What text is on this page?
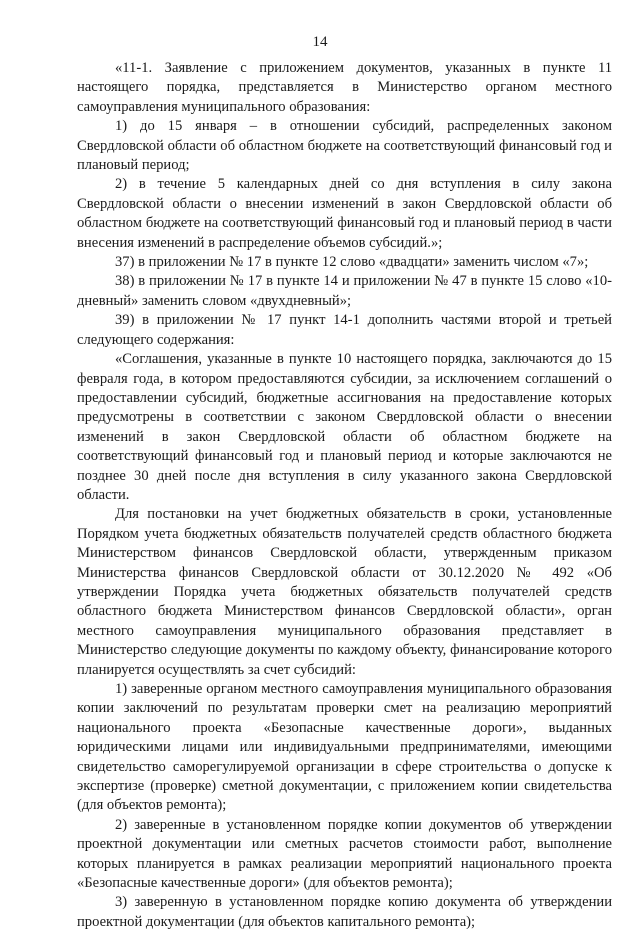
14

«11-1. Заявление с приложением документов, указанных в пункте 11 настоящего порядка, представляется в Министерство органом местного самоуправления муниципального образования:

1) до 15 января – в отношении субсидий, распределенных законом Свердловской области об областном бюджете на соответствующий финансовый год и плановый период;

2) в течение 5 календарных дней со дня вступления в силу закона Свердловской области о внесении изменений в закон Свердловской области об областном бюджете на соответствующий финансовый год и плановый период в части внесения изменений в распределение объемов субсидий.»;

37) в приложении № 17 в пункте 12 слово «двадцати» заменить числом «7»;

38) в приложении № 17 в пункте 14 и приложении № 47 в пункте 15 слово «10-дневный» заменить словом «двухдневный»;

39) в приложении № 17 пункт 14-1 дополнить частями второй и третьей следующего содержания:

«Соглашения, указанные в пункте 10 настоящего порядка, заключаются до 15 февраля года, в котором предоставляются субсидии, за исключением соглашений о предоставлении субсидий, бюджетные ассигнования на предоставление которых предусмотрены в соответствии с законом Свердловской области о внесении изменений в закон Свердловской области об областном бюджете на соответствующий финансовый год и плановый период и которые заключаются не позднее 30 дней после дня вступления в силу указанного закона Свердловской области.

Для постановки на учет бюджетных обязательств в сроки, установленные Порядком учета бюджетных обязательств получателей средств областного бюджета Министерством финансов Свердловской области, утвержденным приказом Министерства финансов Свердловской области от 30.12.2020 № 492 «Об утверждении Порядка учета бюджетных обязательств получателей средств областного бюджета Министерством финансов Свердловской области», орган местного самоуправления муниципального образования представляет в Министерство следующие документы по каждому объекту, финансирование которого планируется осуществлять за счет субсидий:

1) заверенные органом местного самоуправления муниципального образования копии заключений по результатам проверки смет на реализацию мероприятий национального проекта «Безопасные качественные дороги», выданных юридическими лицами или индивидуальными предпринимателями, имеющими свидетельство саморегулируемой организации в сфере строительства о допуске к экспертизе (проверке) сметной документации, с приложением копии свидетельства (для объектов ремонта);

2) заверенные в установленном порядке копии документов об утверждении проектной документации или сметных расчетов стоимости работ, выполнение которых планируется в рамках реализации мероприятий национального проекта «Безопасные качественные дороги» (для объектов ремонта);

3) заверенную в установленном порядке копию документа об утверждении проектной документации (для объектов капитального ремонта);
